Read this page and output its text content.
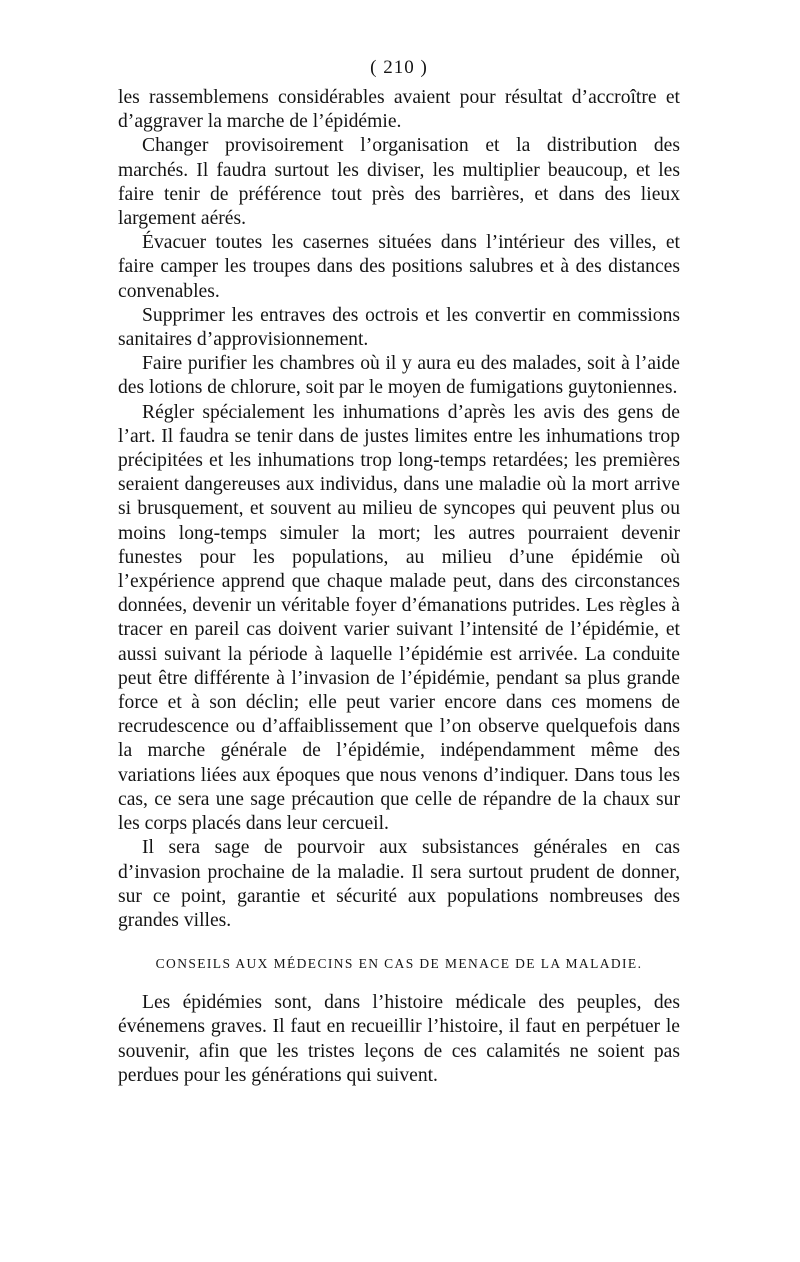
( 210 )

les rassemblemens considérables avaient pour résultat d’accroître et d’aggraver la marche de l’épidémie.

Changer provisoirement l’organisation et la distribution des marchés. Il faudra surtout les diviser, les multiplier beaucoup, et les faire tenir de préférence tout près des barrières, et dans des lieux largement aérés.

Évacuer toutes les casernes situées dans l’intérieur des villes, et faire camper les troupes dans des positions salubres et à des distances convenables.

Supprimer les entraves des octrois et les convertir en commissions sanitaires d’approvisionnement.

Faire purifier les chambres où il y aura eu des malades, soit à l’aide des lotions de chlorure, soit par le moyen de fumigations guytoniennes.

Régler spécialement les inhumations d’après les avis des gens de l’art. Il faudra se tenir dans de justes limites entre les inhumations trop précipitées et les inhumations trop long-temps retardées; les premières seraient dangereuses aux individus, dans une maladie où la mort arrive si brusquement, et souvent au milieu de syncopes qui peuvent plus ou moins long-temps simuler la mort; les autres pourraient devenir funestes pour les populations, au milieu d’une épidémie où l’expérience apprend que chaque malade peut, dans des circonstances données, devenir un véritable foyer d’émanations putrides. Les règles à tracer en pareil cas doivent varier suivant l’intensité de l’épidémie, et aussi suivant la période à laquelle l’épidémie est arrivée. La conduite peut être différente à l’invasion de l’épidémie, pendant sa plus grande force et à son déclin; elle peut varier encore dans ces momens de recrudescence ou d’affaiblissement que l’on observe quelquefois dans la marche générale de l’épidémie, indépendamment même des variations liées aux époques que nous venons d’indiquer. Dans tous les cas, ce sera une sage précaution que celle de répandre de la chaux sur les corps placés dans leur cercueil.

Il sera sage de pourvoir aux subsistances générales en cas d’invasion prochaine de la maladie. Il sera surtout prudent de donner, sur ce point, garantie et sécurité aux populations nombreuses des grandes villes.

CONSEILS AUX MÉDECINS EN CAS DE MENACE DE LA MALADIE.

Les épidémies sont, dans l’histoire médicale des peuples, des événemens graves. Il faut en recueillir l’histoire, il faut en perpétuer le souvenir, afin que les tristes leçons de ces calamités ne soient pas perdues pour les générations qui suivent.
